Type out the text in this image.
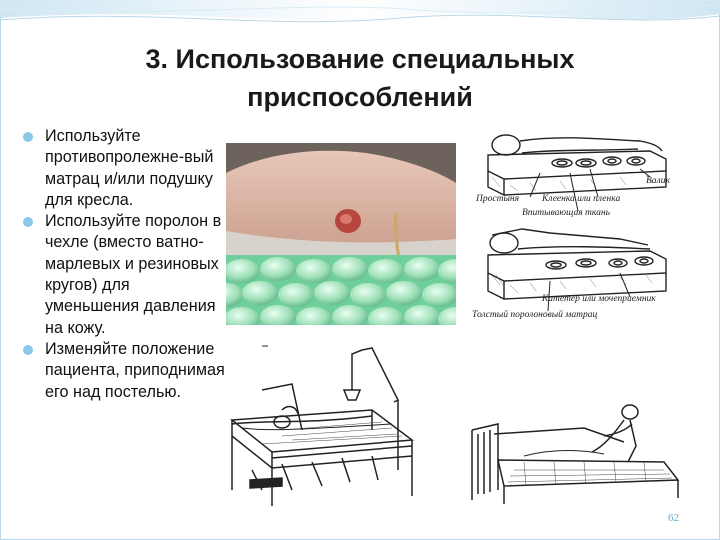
3. Использование специальных
приспособлений
Используйте противопролежне-вый матрац и/или подушку для кресла.
Используйте поролон в чехле (вместо ватно-марлевых и резиновых кругов) для уменьшения давления на кожу.
Изменяйте положение пациента, приподнимая его над постелью.
Валик
Простыня Клеенка или пленка
Впитывающая ткань
Катетер или мочеприемник
Толстый поролоновый матрац
62
